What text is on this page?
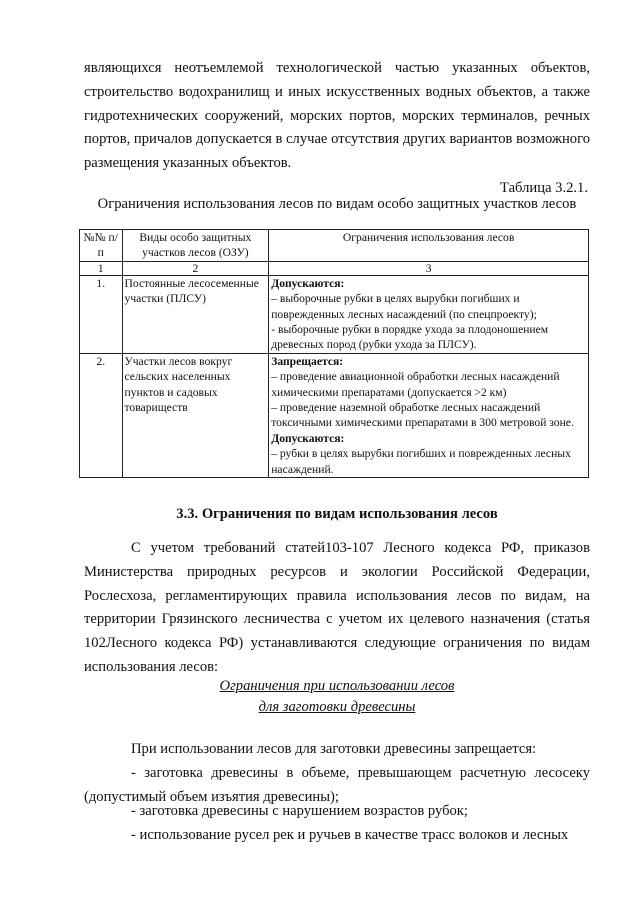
являющихся неотъемлемой технологической частью указанных объектов, строительство водохранилищ и иных искусственных водных объектов, а также гидротехнических сооружений, морских портов, морских терминалов, речных портов, причалов допускается в случае отсутствия других вариантов возможного размещения указанных объектов.

Таблица 3.2.1.
Ограничения использования лесов по видам особо защитных участков лесов
№№ п/п	Виды особо защитных участков лесов (ОЗУ)	Ограничения использования лесов
1	2	3
1.	Постоянные лесосеменные участки (ПЛСУ)	Допускаются:
– выборочные рубки в целях вырубки погибших и поврежденных лесных насаждений (по спецпроекту);
- выборочные рубки в порядке ухода за плодоношением древесных пород (рубки ухода за ПЛСУ).

2.	Участки лесов вокруг сельских населенных пунктов и садовых товариществ	Запрещается:
– проведение авиационной обработки лесных насаждений химическими препаратами (допускается >2 км)
– проведение наземной обработке лесных насаждений токсичными химическими препаратами в 300 метровой зоне.
Допускаются:
– рубки в целях вырубки погибших и поврежденных лесных насаждений.
3.3. Ограничения по видам использования лесов

С учетом требований статей103-107 Лесного кодекса РФ, приказов Министерства природных ресурсов и экологии Российской Федерации, Рослесхоза, регламентирующих правила использования лесов по видам, на территории Грязинского лесничества с учетом их целевого назначения (статья 102Лесного кодекса РФ) устанавливаются следующие ограничения по видам использования лесов:

Ограничения при использовании лесов
для заготовки древесины

При использовании лесов для заготовки древесины запрещается:

- заготовка древесины в объеме, превышающем расчетную лесосеку (допустимый объем изъятия древесины);

- заготовка древесины с нарушением возрастов рубок;

- использование русел рек и ручьев в качестве трасс волоков и лесных
